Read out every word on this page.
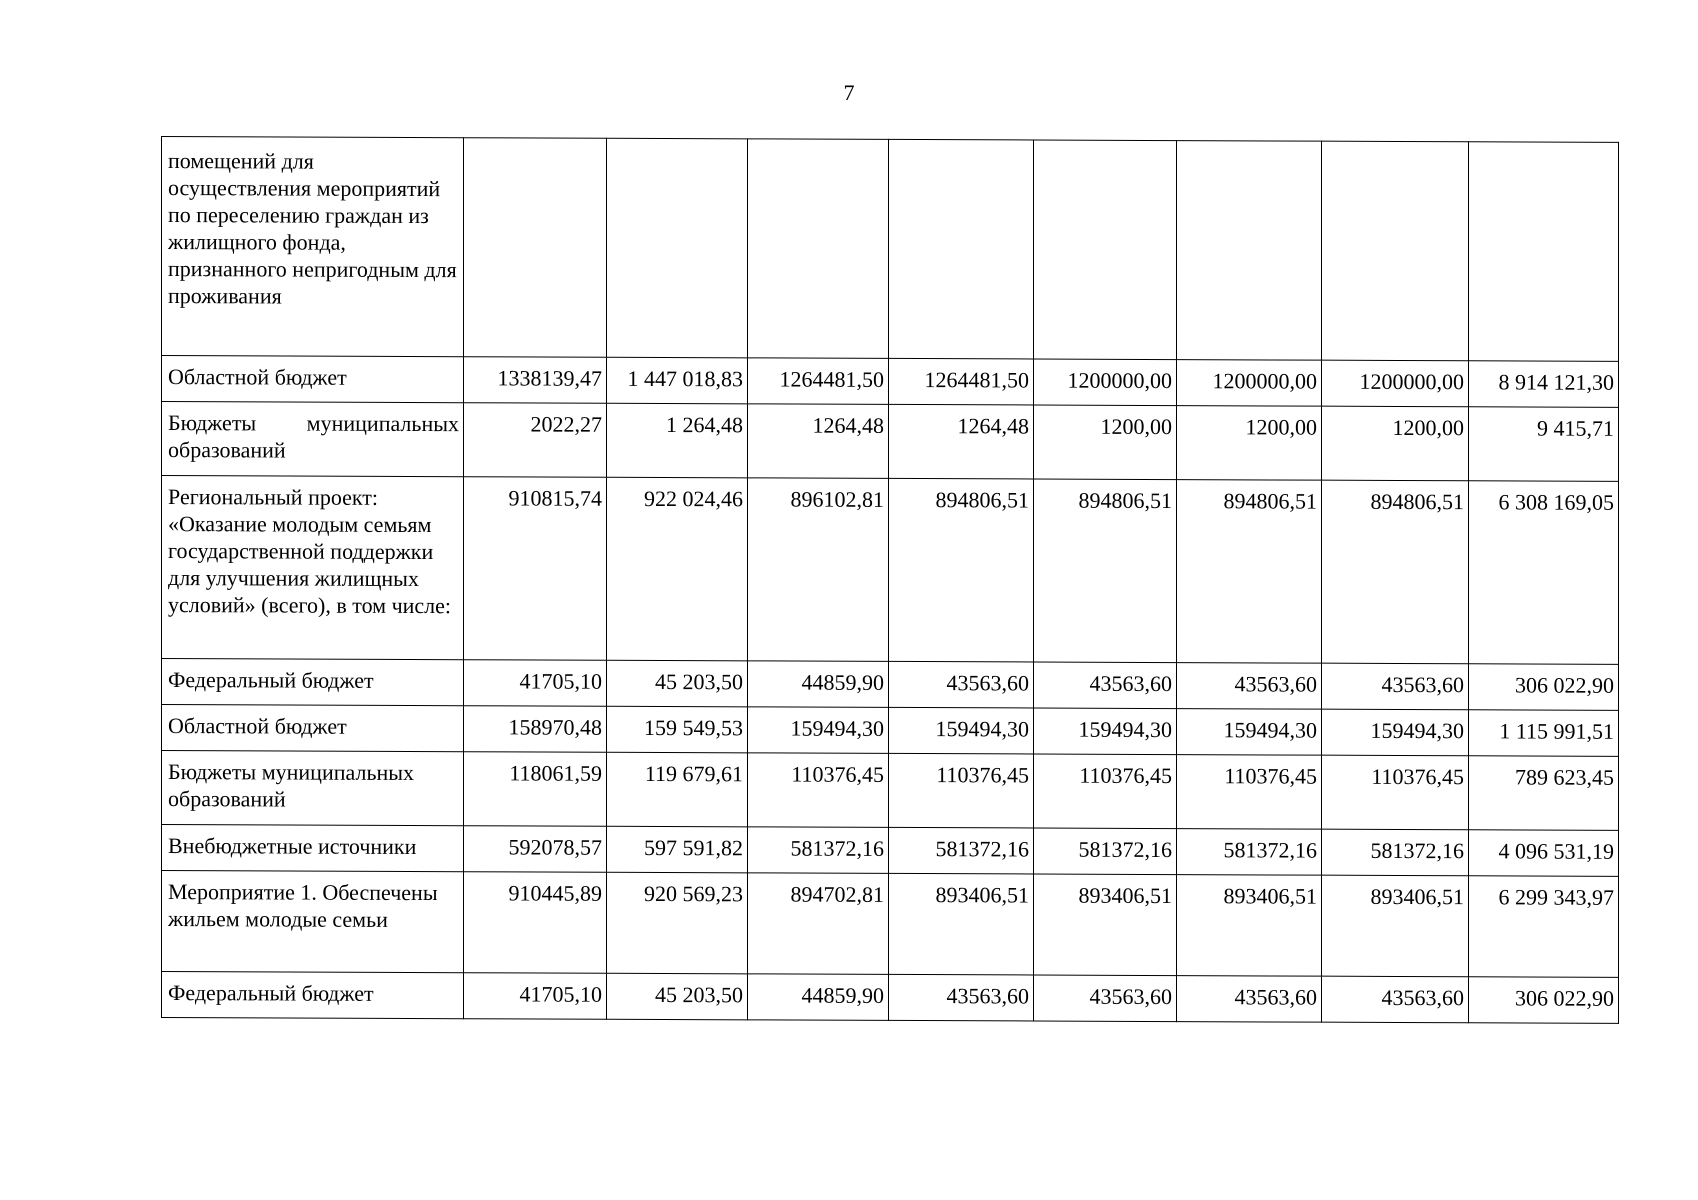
7
помещений для осуществления мероприятий по переселению граждан из жилищного фонда, признанного непригодным для проживания								
Областной бюджет	1338139,47	1 447 018,83	1264481,50	1264481,50	1200000,00	1200000,00	1200000,00	8 914 121,30
Бюджеты муниципальных образований	2022,27	1 264,48	1264,48	1264,48	1200,00	1200,00	1200,00	9 415,71
Региональный проект: «Оказание молодым семьям государственной поддержки для улучшения жилищных условий» (всего), в том числе:	910815,74	922 024,46	896102,81	894806,51	894806,51	894806,51	894806,51	6 308 169,05
Федеральный бюджет	41705,10	45 203,50	44859,90	43563,60	43563,60	43563,60	43563,60	306 022,90
Областной бюджет	158970,48	159 549,53	159494,30	159494,30	159494,30	159494,30	159494,30	1 115 991,51
Бюджеты муниципальных образований	118061,59	119 679,61	110376,45	110376,45	110376,45	110376,45	110376,45	789 623,45
Внебюджетные источники	592078,57	597 591,82	581372,16	581372,16	581372,16	581372,16	581372,16	4 096 531,19
Мероприятие 1. Обеспечены жильем молодые семьи	910445,89	920 569,23	894702,81	893406,51	893406,51	893406,51	893406,51	6 299 343,97
Федеральный бюджет	41705,10	45 203,50	44859,90	43563,60	43563,60	43563,60	43563,60	306 022,90
